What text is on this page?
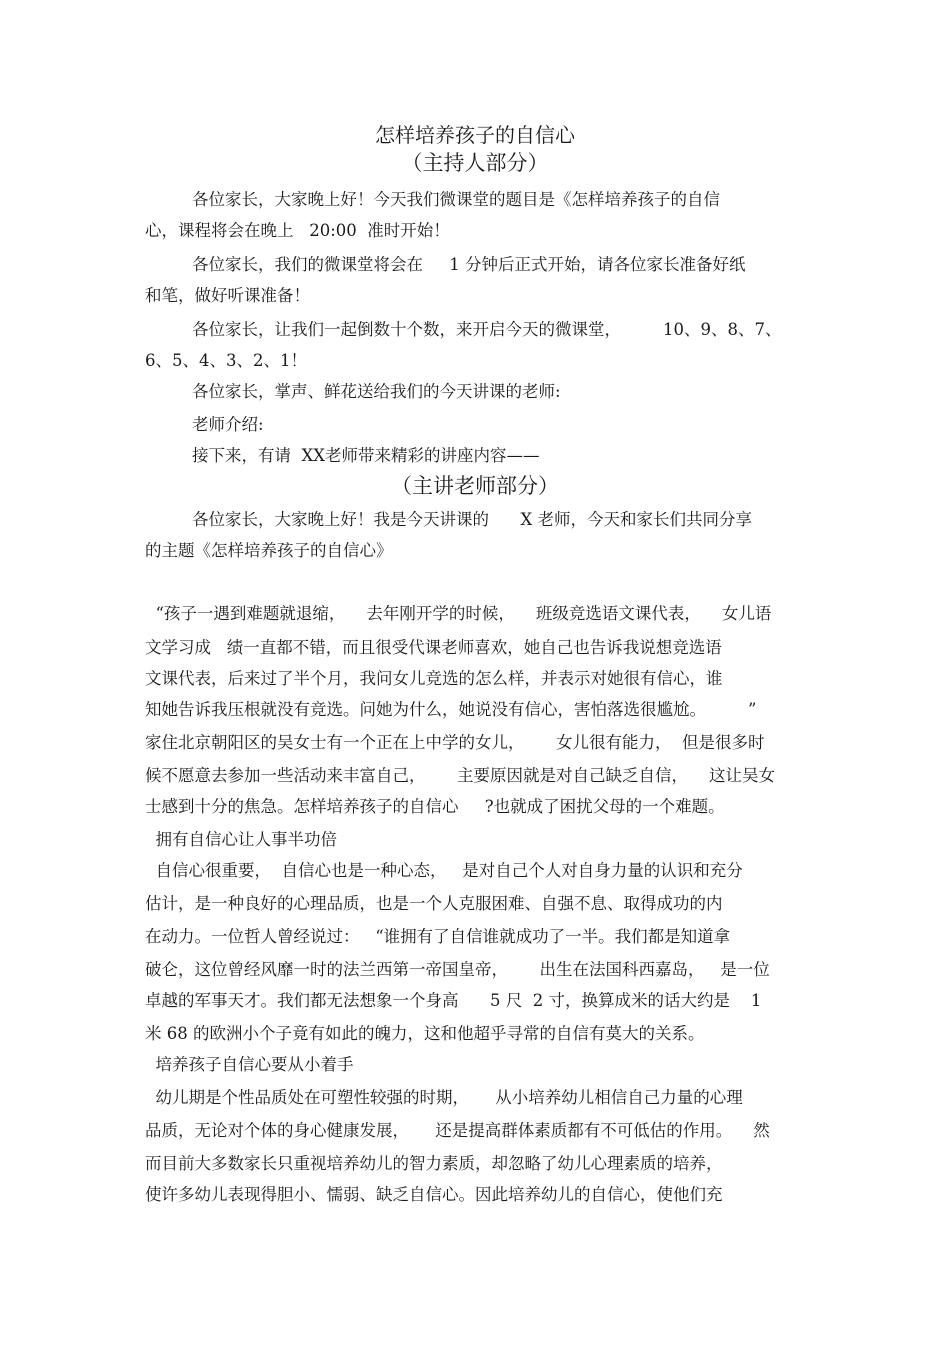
怎样培养孩子的自信心

（主持人部分）

各位家长，大家晚上好！今天我们微课堂的题目是《怎样培养孩子的自信

心，课程将会在晚上   20:00  准时开始！

各位家长，我们的微课堂将会在     1 分钟后正式开始，请各位家长准备好纸

和笔，做好听课准备！

各位家长，让我们一起倒数十个数，来开启今天的微课堂，        10、9、8、7、

6、5、4、3、2、1！

各位家长，掌声、鲜花送给我们的今天讲课的老师:

老师介绍:

接下来，有请  XX老师带来精彩的讲座内容——

（主讲老师部分）

各位家长，大家晚上好！我是今天讲课的      X 老师，今天和家长们共同分享

的主题《怎样培养孩子的自信心》

“孩子一遇到难题就退缩，    去年刚开学的时候，    班级竞选语文课代表，    女儿语

文学习成   绩一直都不错，而且很受代课老师喜欢，她自己也告诉我说想竞选语

文课代表，后来过了半个月，我问女儿竞选的怎么样，并表示对她很有信心，谁

知她告诉我压根就没有竞选。问她为什么，她说没有信心，害怕落选很尴尬。        ”

家住北京朝阳区的吴女士有一个正在上中学的女儿，      女儿很有能力，  但是很多时

候不愿意去参加一些活动来丰富自己，      主要原因就是对自己缺乏自信，    这让吴女

士感到十分的焦急。怎样培养孩子的自信心     ?也就成了困扰父母的一个难题。

拥有自信心让人事半功倍

自信心很重要，  自信心也是一种心态，   是对自己个人对自身力量的认识和充分

估计，是一种良好的心理品质，也是一个人克服困难、自强不息、取得成功的内

在动力。一位哲人曾经说过：   “谁拥有了自信谁就成功了一半。我们都是知道拿

破仑，这位曾经风靡一时的法兰西第一帝国皇帝，      出生在法国科西嘉岛，   是一位

卓越的军事天才。我们都无法想象一个身高      5 尺  2 寸，换算成米的话大约是    1

米 68 的欧洲小个子竟有如此的魄力，这和他超乎寻常的自信有莫大的关系。

培养孩子自信心要从小着手

幼儿期是个性品质处在可塑性较强的时期，     从小培养幼儿相信自己力量的心理

品质，无论对个体的身心健康发展，     还是提高群体素质都有不可低估的作用。    然

而目前大多数家长只重视培养幼儿的智力素质，却忽略了幼儿心理素质的培养，

使许多幼儿表现得胆小、懦弱、缺乏自信心。因此培养幼儿的自信心，使他们充
